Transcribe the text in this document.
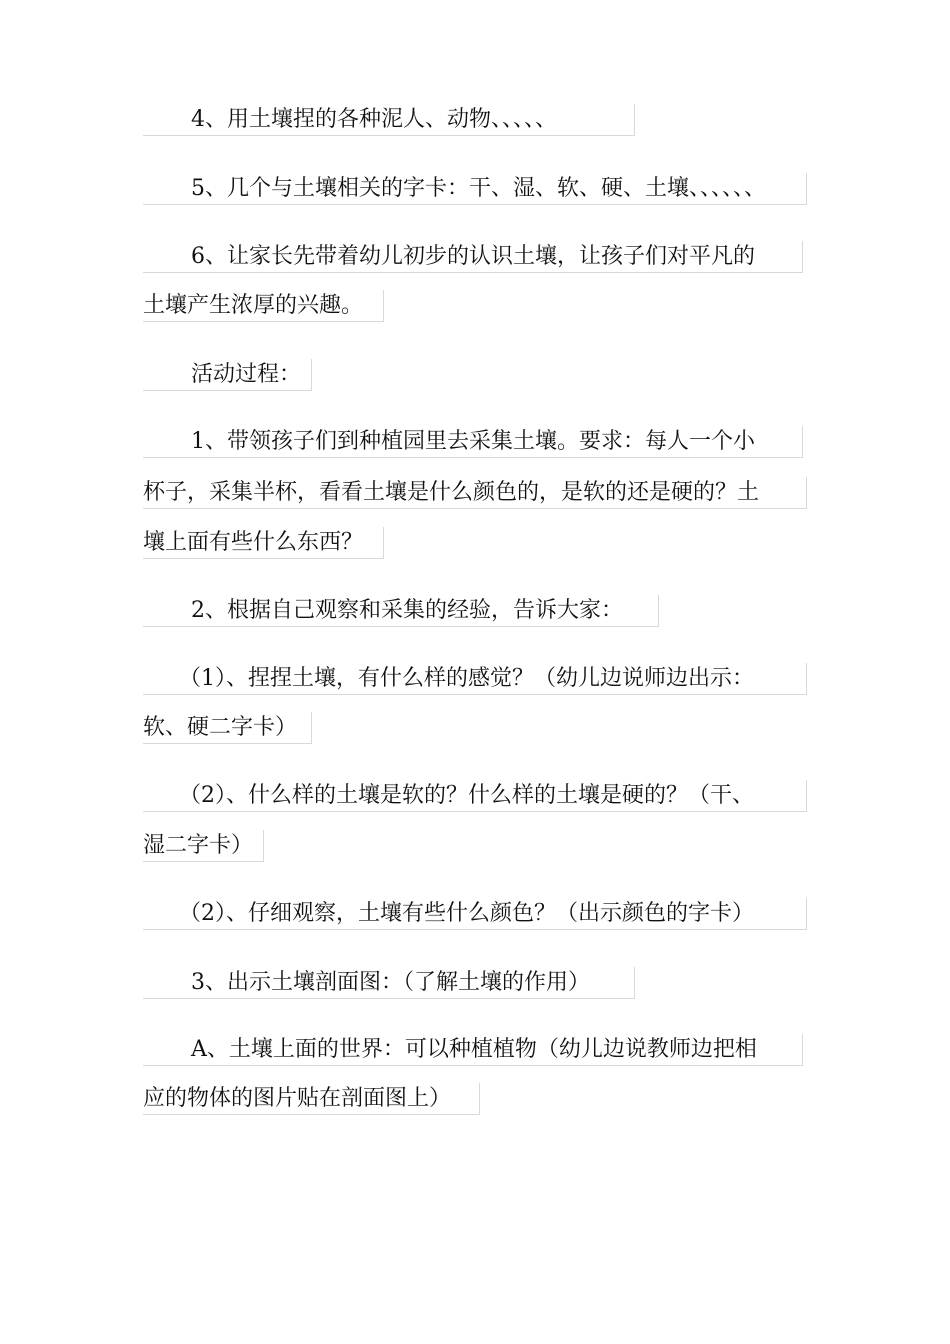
4、用土壤捏的各种泥人、动物、、、、、
5、几个与土壤相关的字卡：干、湿、软、硬、土壤、、、、、、
6、让家长先带着幼儿初步的认识土壤，让孩子们对平凡的
土壤产生浓厚的兴趣。
活动过程：
1、带领孩子们到种植园里去采集土壤。要求：每人一个小
杯子，采集半杯，看看土壤是什么颜色的，是软的还是硬的？土
壤上面有些什么东西？
2、根据自己观察和采集的经验，告诉大家：
（1）、捏捏土壤，有什么样的感觉？（幼儿边说师边出示：
软、硬二字卡）
（2）、什么样的土壤是软的？什么样的土壤是硬的？（干、
湿二字卡）
（2）、仔细观察，土壤有些什么颜色？（出示颜色的字卡）
3、出示土壤剖面图：（了解土壤的作用）
A、土壤上面的世界：可以种植植物（幼儿边说教师边把相
应的物体的图片贴在剖面图上）
